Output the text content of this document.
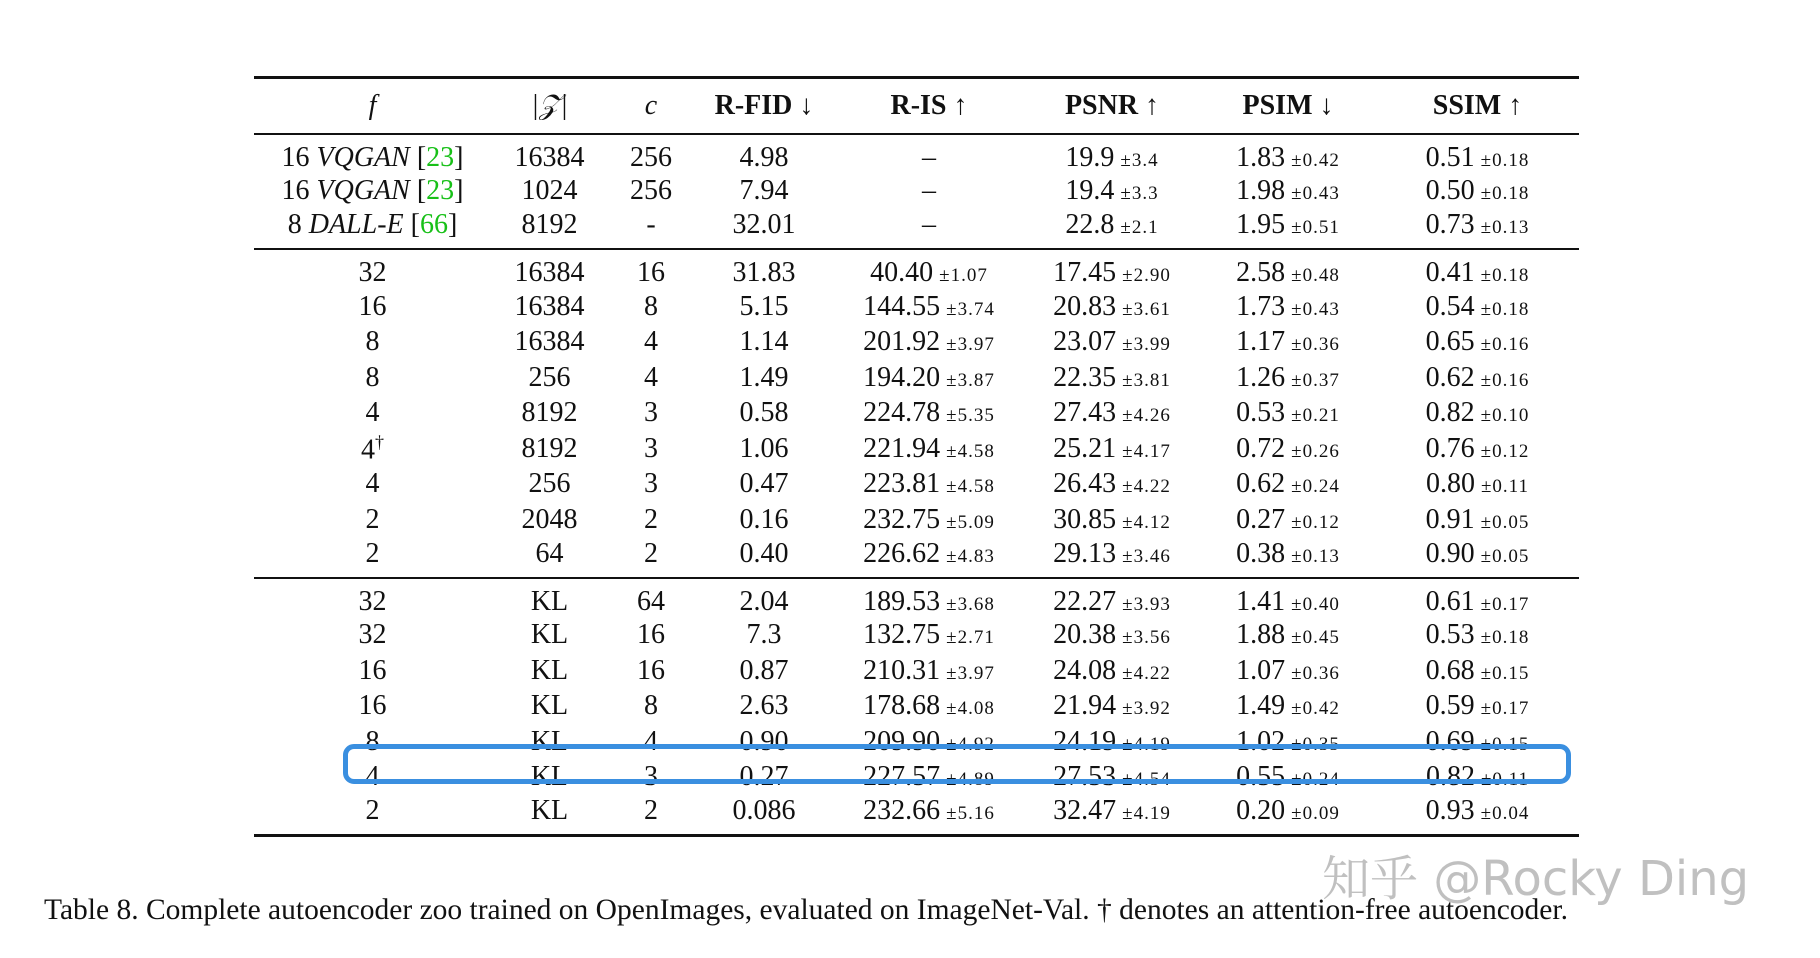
f	|𝒵|	c	R-FID ↓	R-IS ↑	PSNR ↑	PSIM ↓	SSIM ↑
16 VQGAN [23]	16384	256	4.98	–	19.9 ±3.4	1.83 ±0.42	0.51 ±0.18
16 VQGAN [23]	1024	256	7.94	–	19.4 ±3.3	1.98 ±0.43	0.50 ±0.18
8 DALL-E [66]	8192	-	32.01	–	22.8 ±2.1	1.95 ±0.51	0.73 ±0.13
32	16384	16	31.83	40.40 ±1.07	17.45 ±2.90	2.58 ±0.48	0.41 ±0.18
16	16384	8	5.15	144.55 ±3.74	20.83 ±3.61	1.73 ±0.43	0.54 ±0.18
8	16384	4	1.14	201.92 ±3.97	23.07 ±3.99	1.17 ±0.36	0.65 ±0.16
8	256	4	1.49	194.20 ±3.87	22.35 ±3.81	1.26 ±0.37	0.62 ±0.16
4	8192	3	0.58	224.78 ±5.35	27.43 ±4.26	0.53 ±0.21	0.82 ±0.10
4†	8192	3	1.06	221.94 ±4.58	25.21 ±4.17	0.72 ±0.26	0.76 ±0.12
4	256	3	0.47	223.81 ±4.58	26.43 ±4.22	0.62 ±0.24	0.80 ±0.11
2	2048	2	0.16	232.75 ±5.09	30.85 ±4.12	0.27 ±0.12	0.91 ±0.05
2	64	2	0.40	226.62 ±4.83	29.13 ±3.46	0.38 ±0.13	0.90 ±0.05
32	KL	64	2.04	189.53 ±3.68	22.27 ±3.93	1.41 ±0.40	0.61 ±0.17
32	KL	16	7.3	132.75 ±2.71	20.38 ±3.56	1.88 ±0.45	0.53 ±0.18
16	KL	16	0.87	210.31 ±3.97	24.08 ±4.22	1.07 ±0.36	0.68 ±0.15
16	KL	8	2.63	178.68 ±4.08	21.94 ±3.92	1.49 ±0.42	0.59 ±0.17
8	KL	4	0.90	209.90 ±4.92	24.19 ±4.19	1.02 ±0.35	0.69 ±0.15
4	KL	3	0.27	227.57 ±4.89	27.53 ±4.54	0.55 ±0.24	0.82 ±0.11
2	KL	2	0.086	232.66 ±5.16	32.47 ±4.19	0.20 ±0.09	0.93 ±0.04
Table 8. Complete autoencoder zoo trained on OpenImages, evaluated on ImageNet-Val. † denotes an attention-free autoencoder.
知乎 @Rocky Ding
